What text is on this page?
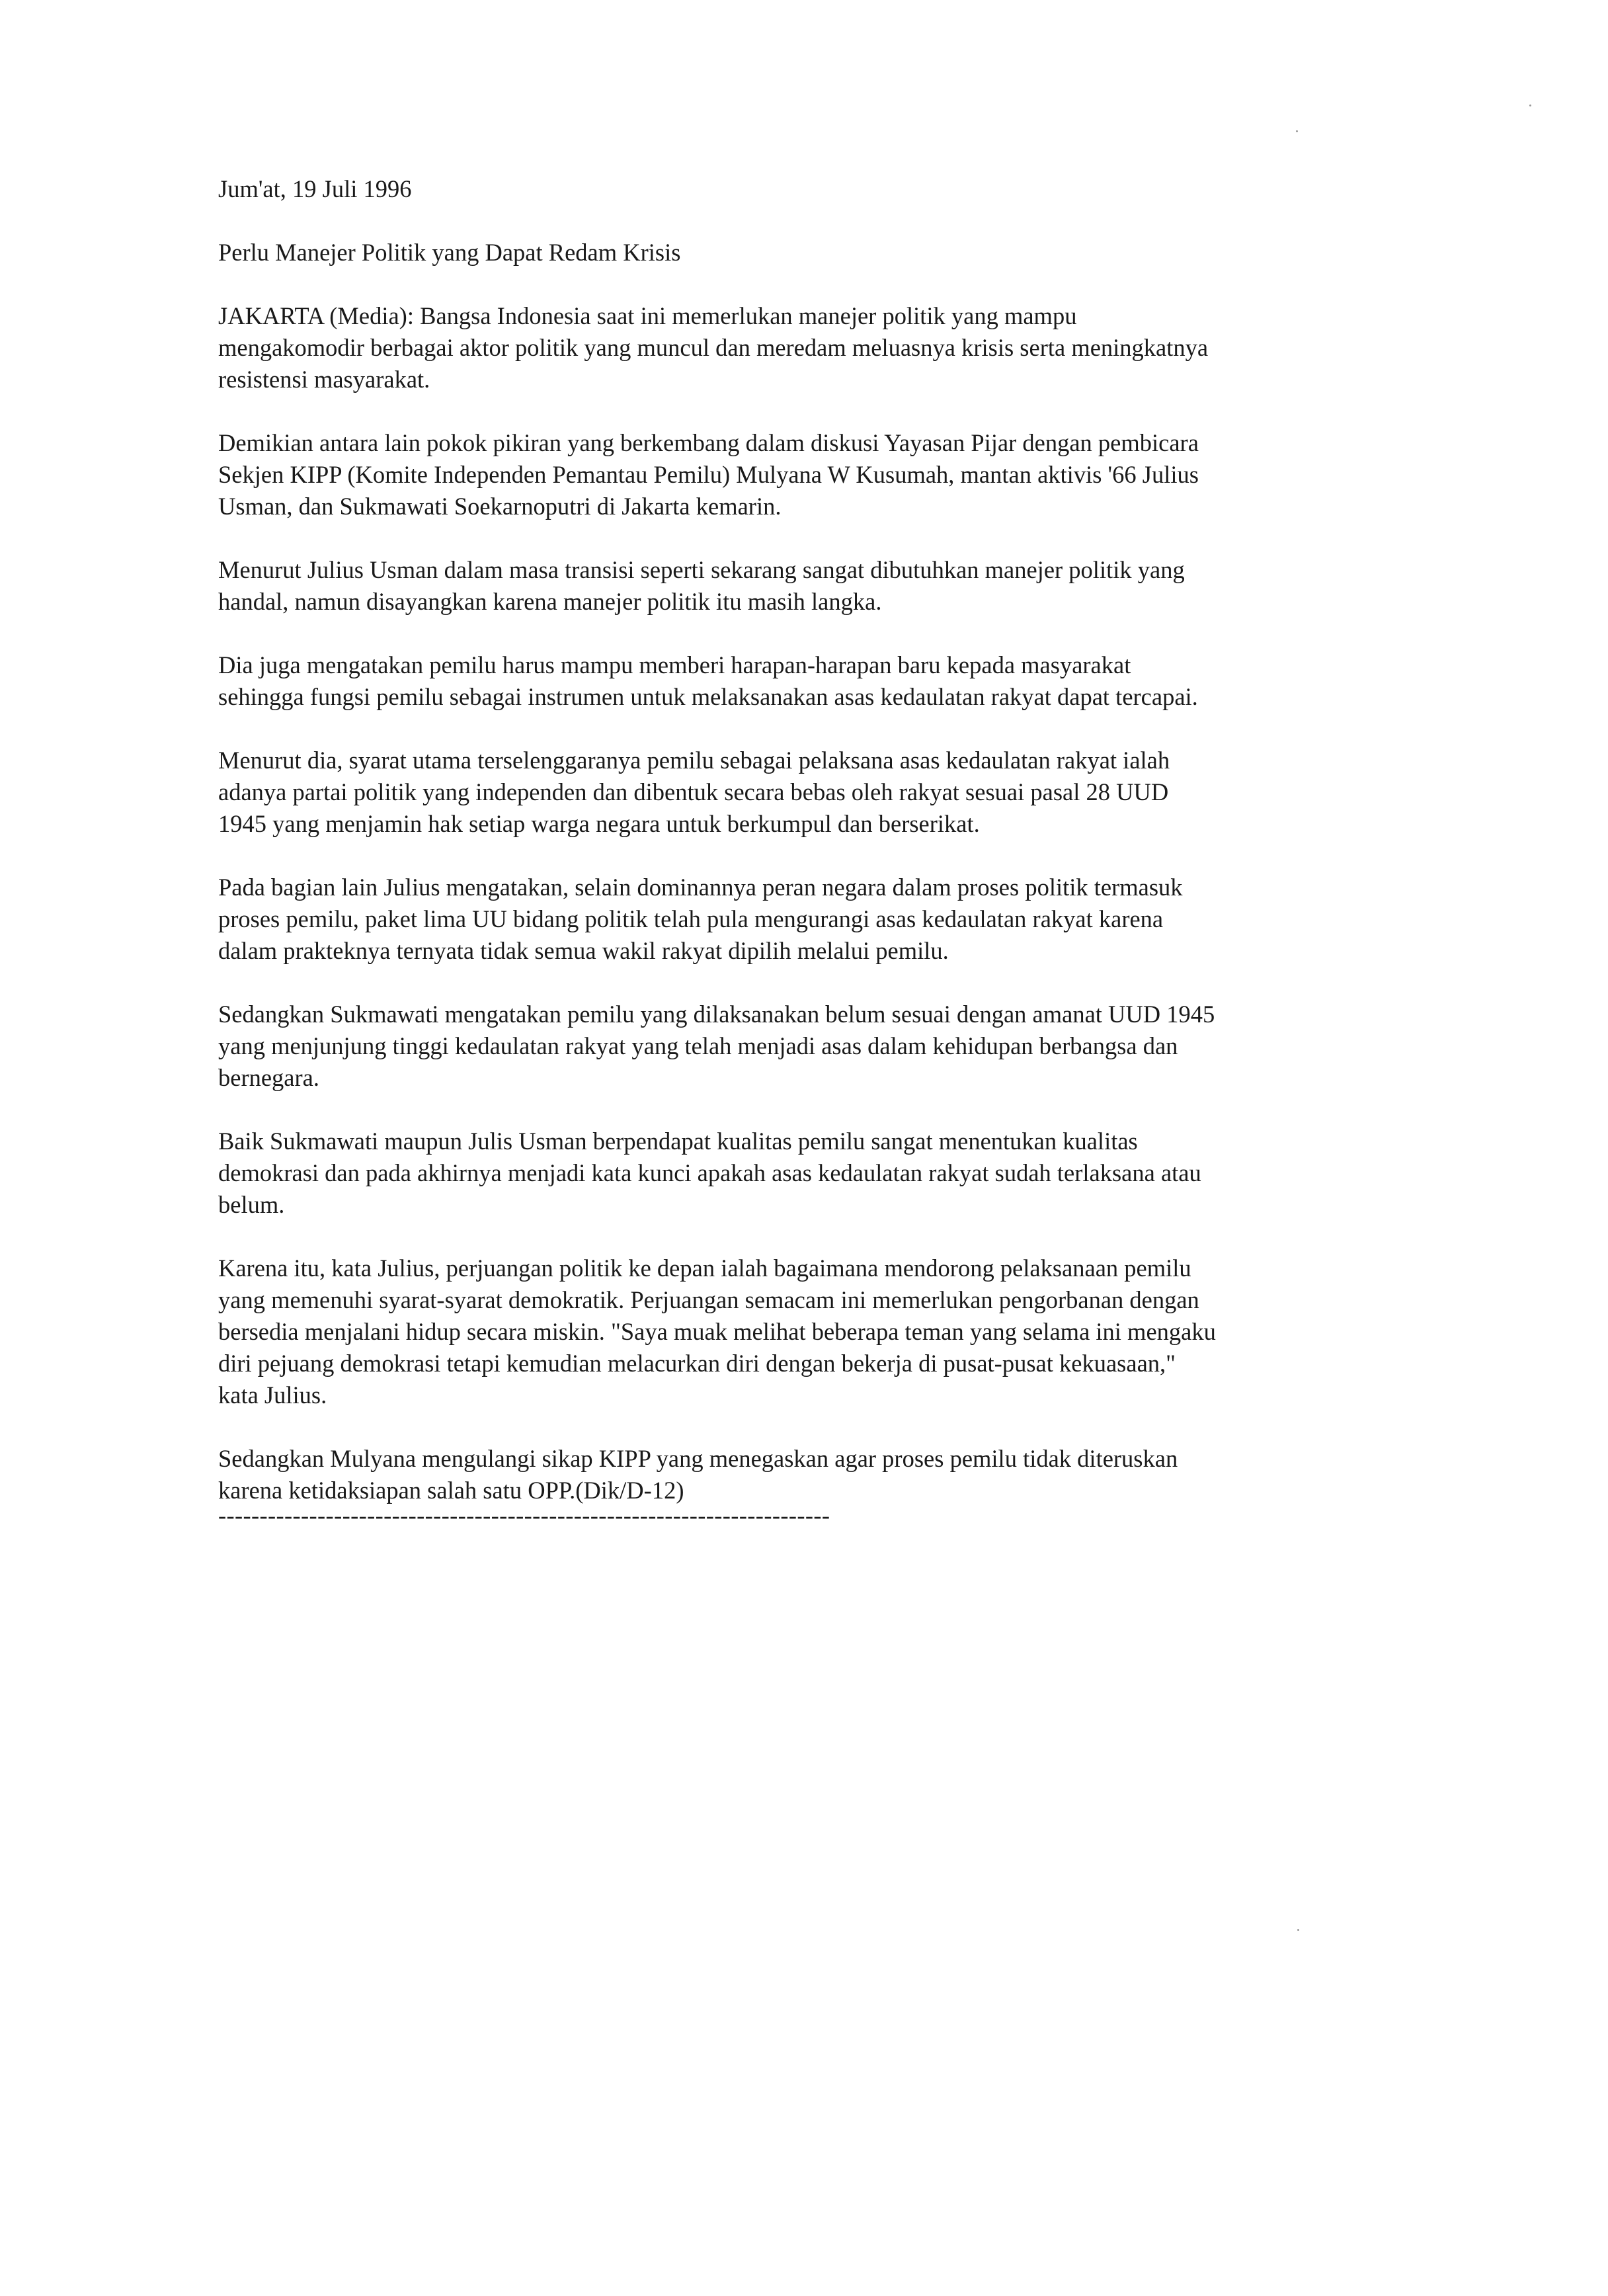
Jum'at, 19 Juli 1996
Perlu Manejer Politik yang Dapat Redam Krisis
JAKARTA (Media): Bangsa Indonesia saat ini memerlukan manejer politik yang mampu
mengakomodir berbagai aktor politik yang muncul dan meredam meluasnya krisis serta meningkatnya
resistensi masyarakat.
Demikian antara lain pokok pikiran yang berkembang dalam diskusi Yayasan Pijar dengan pembicara
Sekjen KIPP (Komite Independen Pemantau Pemilu) Mulyana W Kusumah, mantan aktivis '66 Julius
Usman, dan Sukmawati Soekarnoputri di Jakarta kemarin.
Menurut Julius Usman dalam masa transisi seperti sekarang sangat dibutuhkan manejer politik yang
handal, namun disayangkan karena manejer politik itu masih langka.
Dia juga mengatakan pemilu harus mampu memberi harapan-harapan baru kepada masyarakat
sehingga fungsi pemilu sebagai instrumen untuk melaksanakan asas kedaulatan rakyat dapat tercapai.
Menurut dia, syarat utama terselenggaranya pemilu sebagai pelaksana asas kedaulatan rakyat ialah
adanya partai politik yang independen dan dibentuk secara bebas oleh rakyat sesuai pasal 28 UUD
1945 yang menjamin hak setiap warga negara untuk berkumpul dan berserikat.
Pada bagian lain Julius mengatakan, selain dominannya peran negara dalam proses politik termasuk
proses pemilu, paket lima UU bidang politik telah pula mengurangi asas kedaulatan rakyat karena
dalam prakteknya ternyata tidak semua wakil rakyat dipilih melalui pemilu.
Sedangkan Sukmawati mengatakan pemilu yang dilaksanakan belum sesuai dengan amanat UUD 1945
yang menjunjung tinggi kedaulatan rakyat yang telah menjadi asas dalam kehidupan berbangsa dan
bernegara.
Baik Sukmawati maupun Julis Usman berpendapat kualitas pemilu sangat menentukan kualitas
demokrasi dan pada akhirnya menjadi kata kunci apakah asas kedaulatan rakyat sudah terlaksana atau
belum.
Karena itu, kata Julius, perjuangan politik ke depan ialah bagaimana mendorong pelaksanaan pemilu
yang memenuhi syarat-syarat demokratik. Perjuangan semacam ini memerlukan pengorbanan dengan
bersedia menjalani hidup secara miskin. "Saya muak melihat beberapa teman yang selama ini mengaku
diri pejuang demokrasi tetapi kemudian melacurkan diri dengan bekerja di pusat-pusat kekuasaan,"
kata Julius.
Sedangkan Mulyana mengulangi sikap KIPP yang menegaskan agar proses pemilu tidak diteruskan
karena ketidaksiapan salah satu OPP.(Dik/D-12)
--------------------------------------------------------------------------
